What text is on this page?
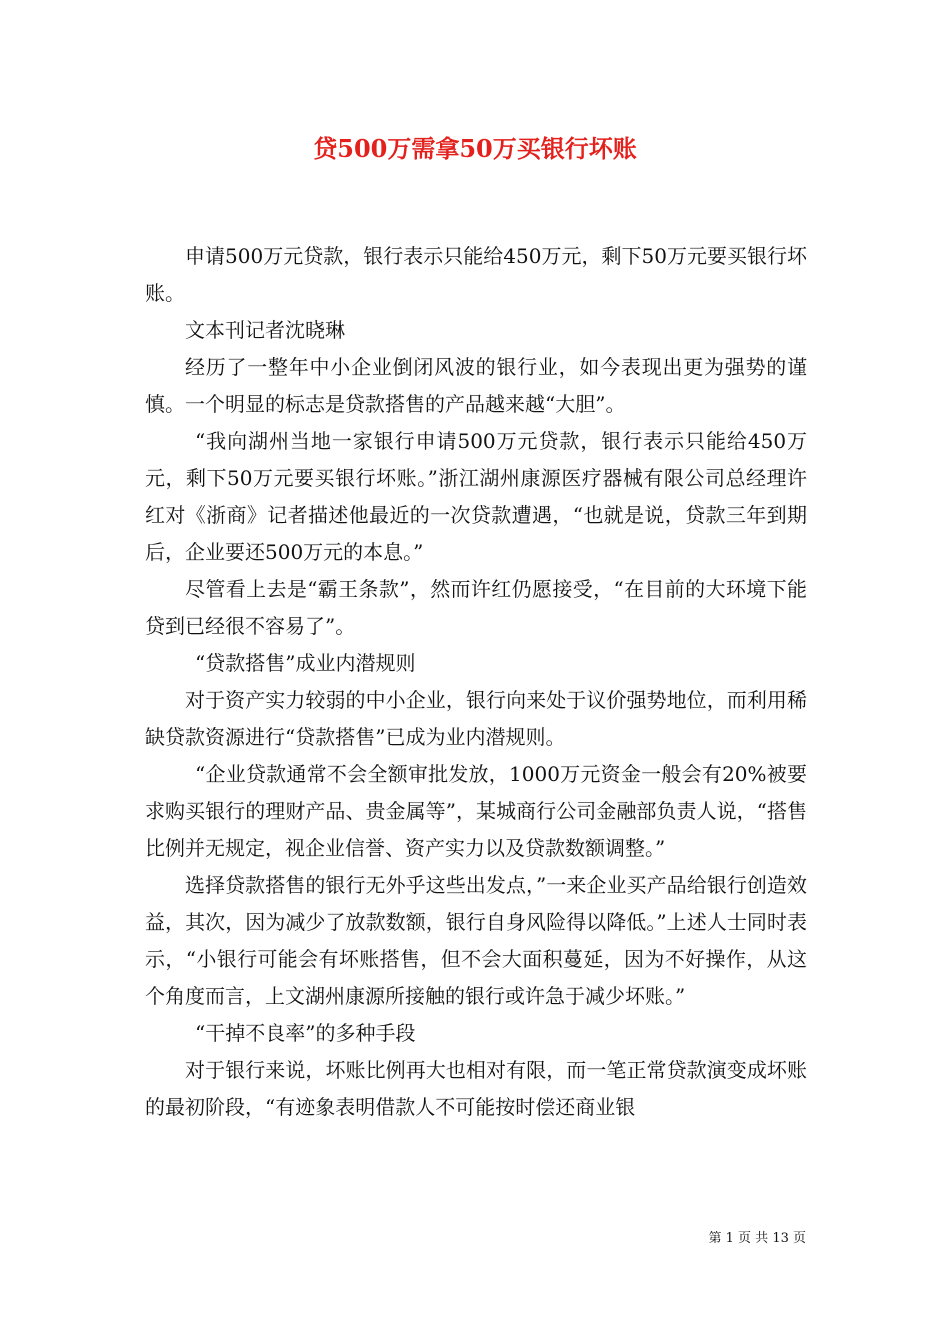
贷500万需拿50万买银行坏账

申请500万元贷款，银行表示只能给450万元，剩下50万元要买银行坏账。

文本刊记者沈晓琳

经历了一整年中小企业倒闭风波的银行业，如今表现出更为强势的谨慎。一个明显的标志是贷款搭售的产品越来越“大胆”。

“我向湖州当地一家银行申请500万元贷款，银行表示只能给450万元，剩下50万元要买银行坏账。”浙江湖州康源医疗器械有限公司总经理许红对《浙商》记者描述他最近的一次贷款遭遇，“也就是说，贷款三年到期后，企业要还500万元的本息。”

尽管看上去是“霸王条款”，然而许红仍愿接受，“在目前的大环境下能贷到已经很不容易了”。

“贷款搭售”成业内潜规则

对于资产实力较弱的中小企业，银行向来处于议价强势地位，而利用稀缺贷款资源进行“贷款搭售”已成为业内潜规则。

“企业贷款通常不会全额审批发放，1000万元资金一般会有20%被要求购买银行的理财产品、贵金属等”，某城商行公司金融部负责人说，“搭售比例并无规定，视企业信誉、资产实力以及贷款数额调整。”

选择贷款搭售的银行无外乎这些出发点，”一来企业买产品给银行创造效益，其次，因为减少了放款数额，银行自身风险得以降低。”上述人士同时表示，“小银行可能会有坏账搭售，但不会大面积蔓延，因为不好操作，从这个角度而言，上文湖州康源所接触的银行或许急于减少坏账。”

“干掉不良率”的多种手段

对于银行来说，坏账比例再大也相对有限，而一笔正常贷款演变成坏账的最初阶段，“有迹象表明借款人不可能按时偿还商业银

第 1 页 共 13 页
